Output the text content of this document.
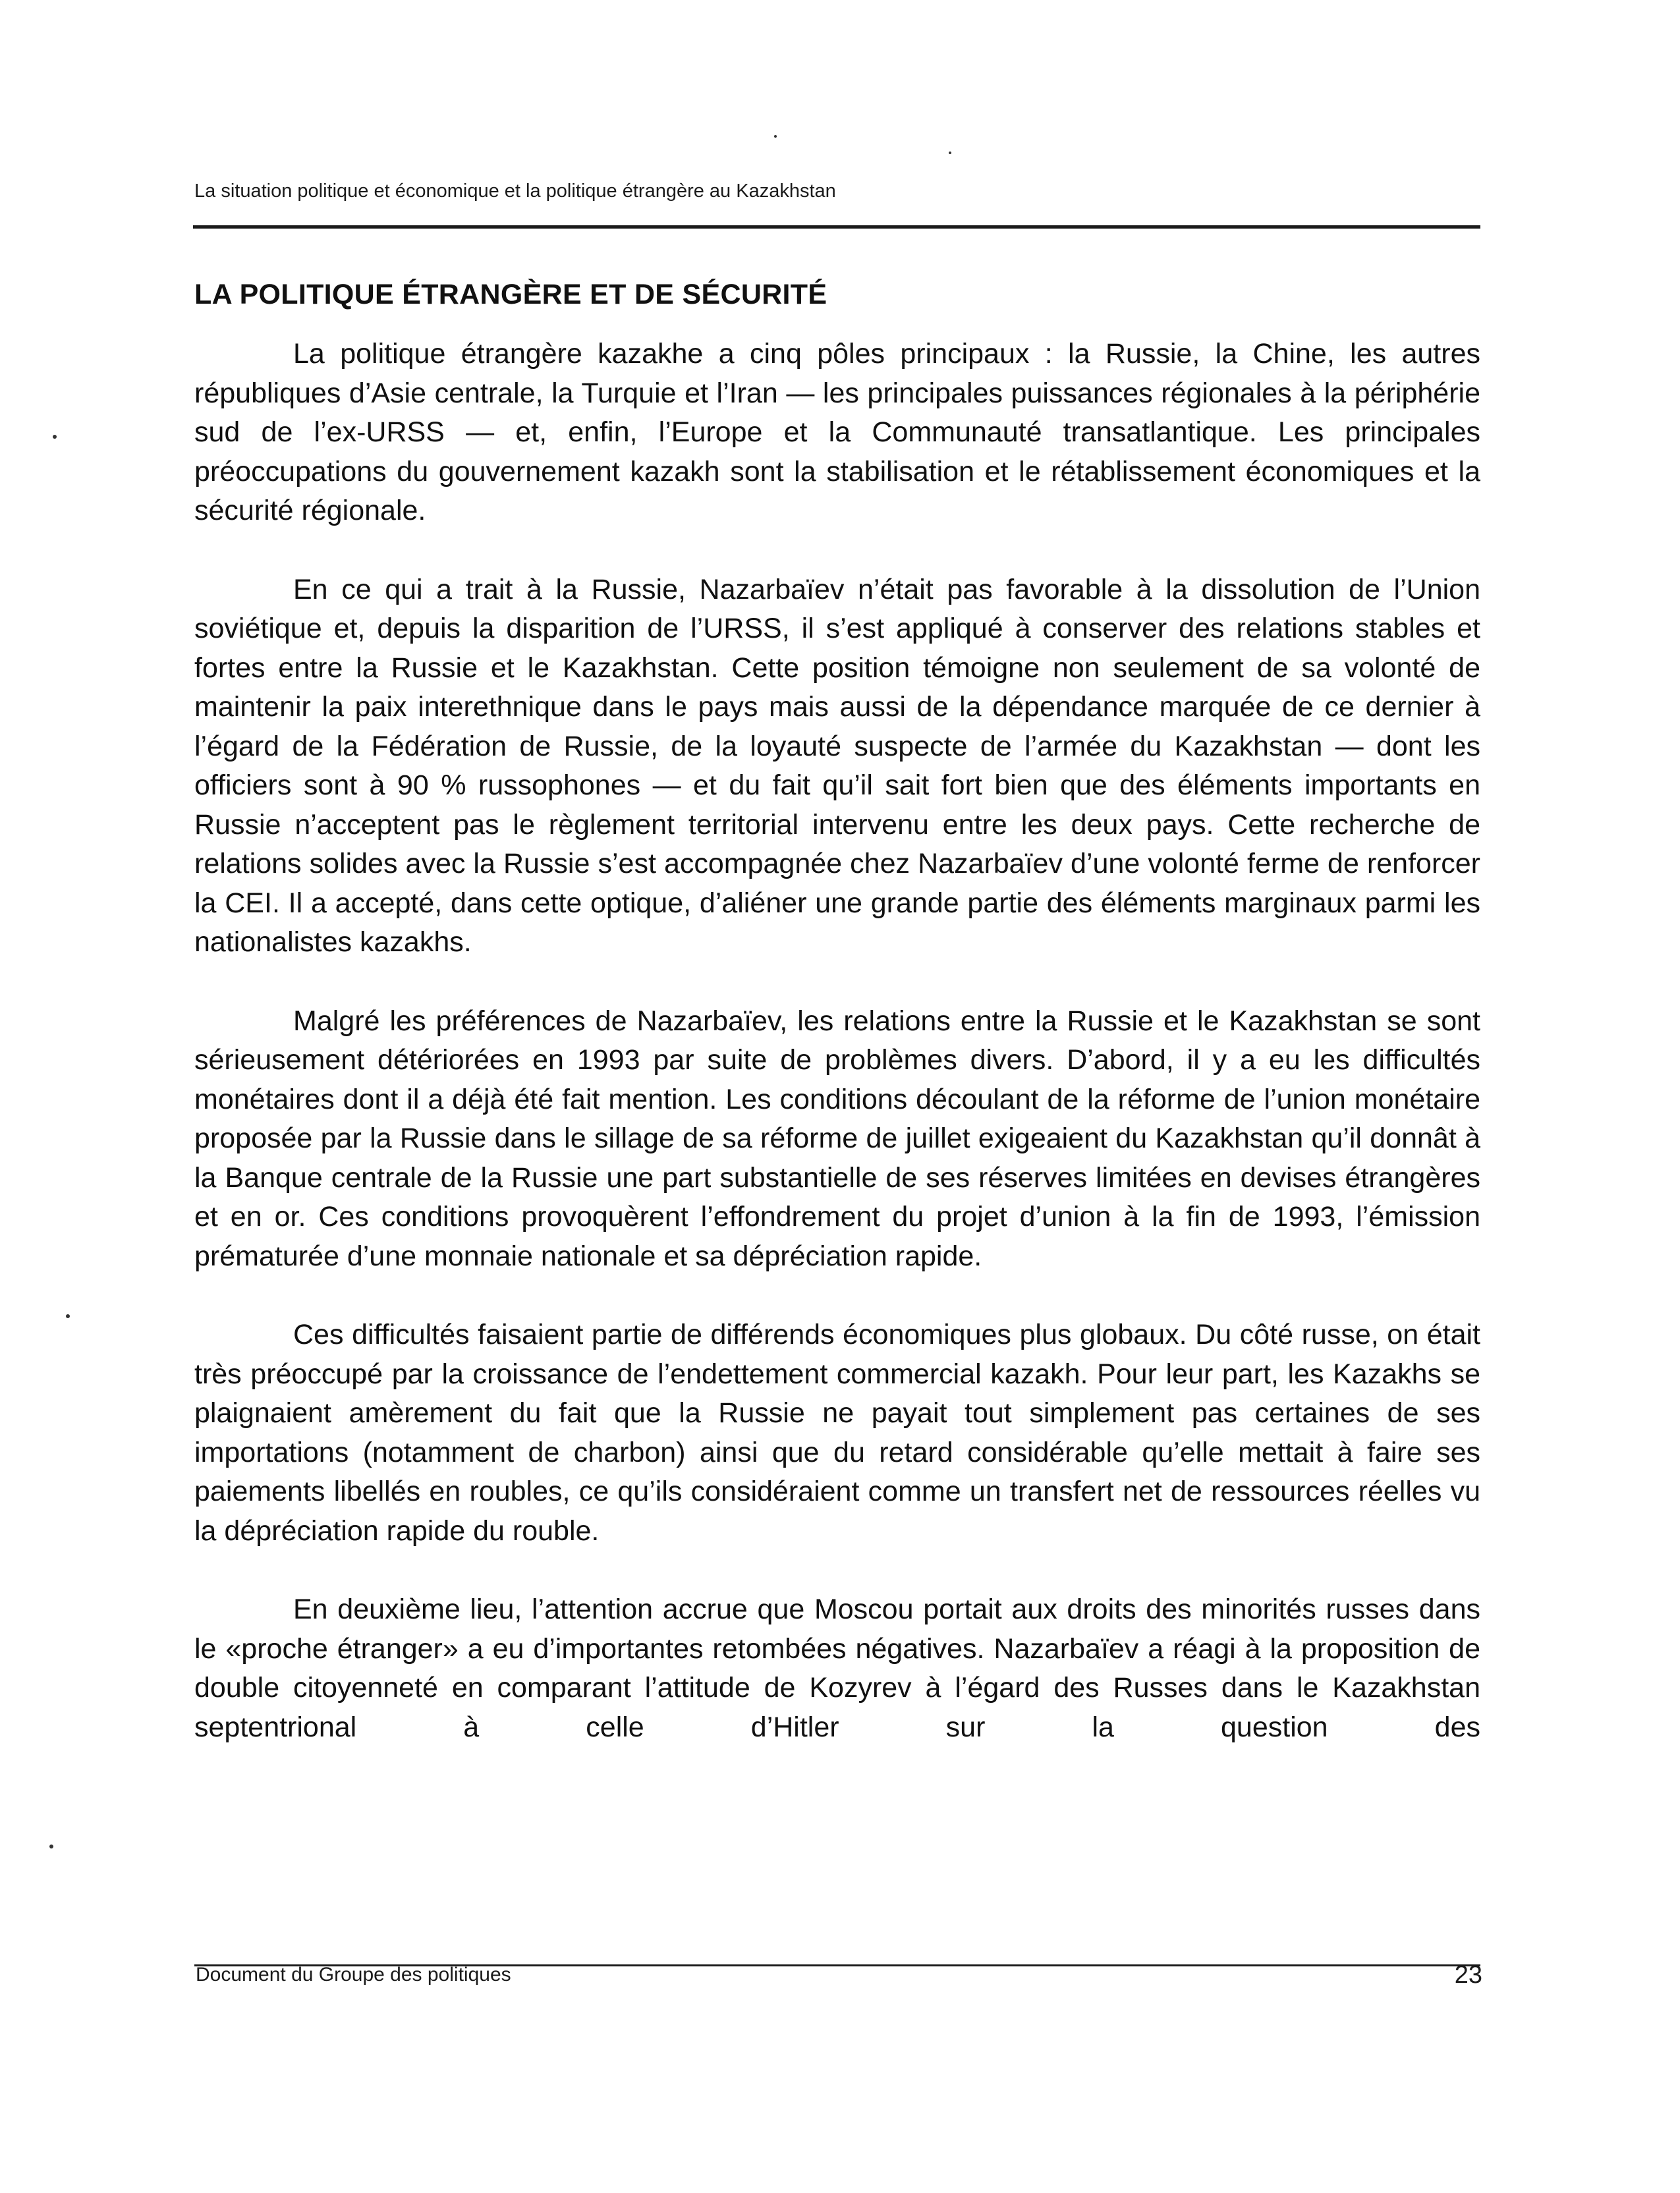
La situation politique et économique et la politique étrangère au Kazakhstan
LA POLITIQUE ÉTRANGÈRE ET DE SÉCURITÉ

La politique étrangère kazakhe a cinq pôles principaux : la Russie, la Chine, les autres républiques d’Asie centrale, la Turquie et l’Iran — les principales puissances régionales à la périphérie sud de l’ex-URSS — et, enfin, l’Europe et la Communauté transatlantique. Les principales préoccupations du gouvernement kazakh sont la stabilisation et le rétablissement économiques et la sécurité régionale.

En ce qui a trait à la Russie, Nazarbaïev n’était pas favorable à la dissolution de l’Union soviétique et, depuis la disparition de l’URSS, il s’est appliqué à conserver des relations stables et fortes entre la Russie et le Kazakhstan. Cette position témoigne non seulement de sa volonté de maintenir la paix interethnique dans le pays mais aussi de la dépendance marquée de ce dernier à l’égard de la Fédération de Russie, de la loyauté suspecte de l’armée du Kazakhstan — dont les officiers sont à 90 % russophones — et du fait qu’il sait fort bien que des éléments importants en Russie n’acceptent pas le règlement territorial intervenu entre les deux pays. Cette recherche de relations solides avec la Russie s’est accompagnée chez Nazarbaïev d’une volonté ferme de renforcer la CEI. Il a accepté, dans cette optique, d’aliéner une grande partie des éléments marginaux parmi les nationalistes kazakhs.

Malgré les préférences de Nazarbaïev, les relations entre la Russie et le Kazakhstan se sont sérieusement détériorées en 1993 par suite de problèmes divers. D’abord, il y a eu les difficultés monétaires dont il a déjà été fait mention. Les conditions découlant de la réforme de l’union monétaire proposée par la Russie dans le sillage de sa réforme de juillet exigeaient du Kazakhstan qu’il donnât à la Banque centrale de la Russie une part substantielle de ses réserves limitées en devises étrangères et en or. Ces conditions provoquèrent l’effondrement du projet d’union à la fin de 1993, l’émission prématurée d’une monnaie nationale et sa dépréciation rapide.

Ces difficultés faisaient partie de différends économiques plus globaux. Du côté russe, on était très préoccupé par la croissance de l’endettement commercial kazakh. Pour leur part, les Kazakhs se plaignaient amèrement du fait que la Russie ne payait tout simplement pas certaines de ses importations (notamment de charbon) ainsi que du retard considérable qu’elle mettait à faire ses paiements libellés en roubles, ce qu’ils considéraient comme un transfert net de ressources réelles vu la dépréciation rapide du rouble.

En deuxième lieu, l’attention accrue que Moscou portait aux droits des minorités russes dans le «proche étranger» a eu d’importantes retombées négatives. Nazarbaïev a réagi à la proposition de double citoyenneté en comparant l’attitude de Kozyrev à l’égard des Russes dans le Kazakhstan septentrional à celle d’Hitler sur la question des

Document du Groupe des politiques	23
